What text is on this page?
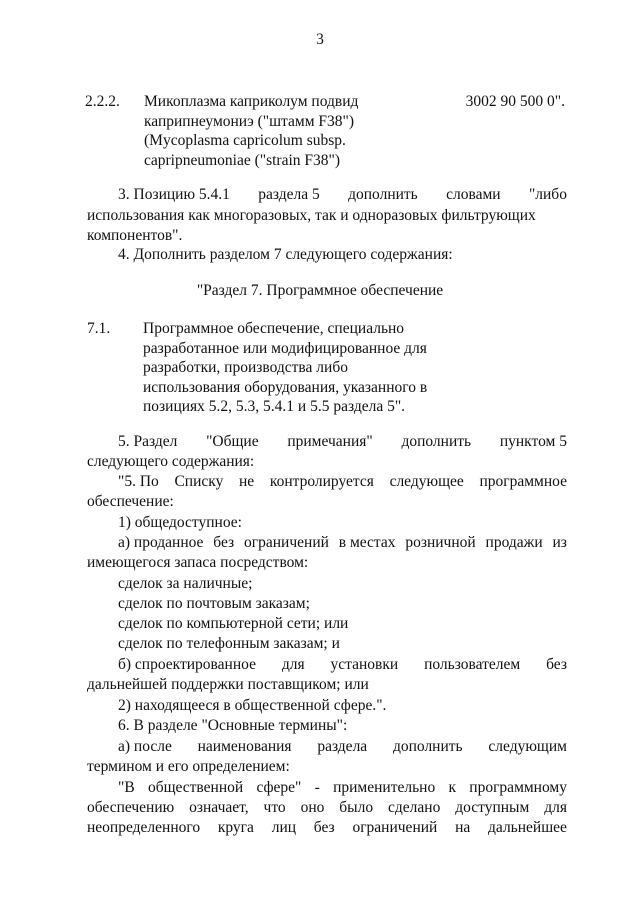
3
2.2.2. Микоплазма каприколум подвид
каприпнеумониэ ("штамм F38")
(Mycoplasma capricolum subsp.
capripneumoniae ("strain F38")
3002 90 500 0".
3. Позицию 5.4.1 раздела 5 дополнить словами "либо
использования как многоразовых, так и одноразовых фильтрующих
компонентов".
4. Дополнить разделом 7 следующего содержания:
"Раздел 7. Программное обеспечение
7.1. Программное обеспечение, специально
разработанное или модифицированное для
разработки, производства либо
использования оборудования, указанного в
позициях 5.2, 5.3, 5.4.1 и 5.5 раздела 5".
5. Раздел "Общие примечания" дополнить пунктом 5
следующего содержания:
"5. По Списку не контролируется следующее программное
обеспечение:
1) общедоступное:
а) проданное без ограничений в местах розничной продажи из
имеющегося запаса посредством:
сделок за наличные;
сделок по почтовым заказам;
сделок по компьютерной сети; или
сделок по телефонным заказам; и
б) спроектированное для установки пользователем без
дальнейшей поддержки поставщиком; или
2) находящееся в общественной сфере.".
6. В разделе "Основные термины":
а) после наименования раздела дополнить следующим
термином и его определением:
"В общественной сфере" - применительно к программному
обеспечению означает, что оно было сделано доступным для
неопределенного круга лиц без ограничений на дальнейшее
